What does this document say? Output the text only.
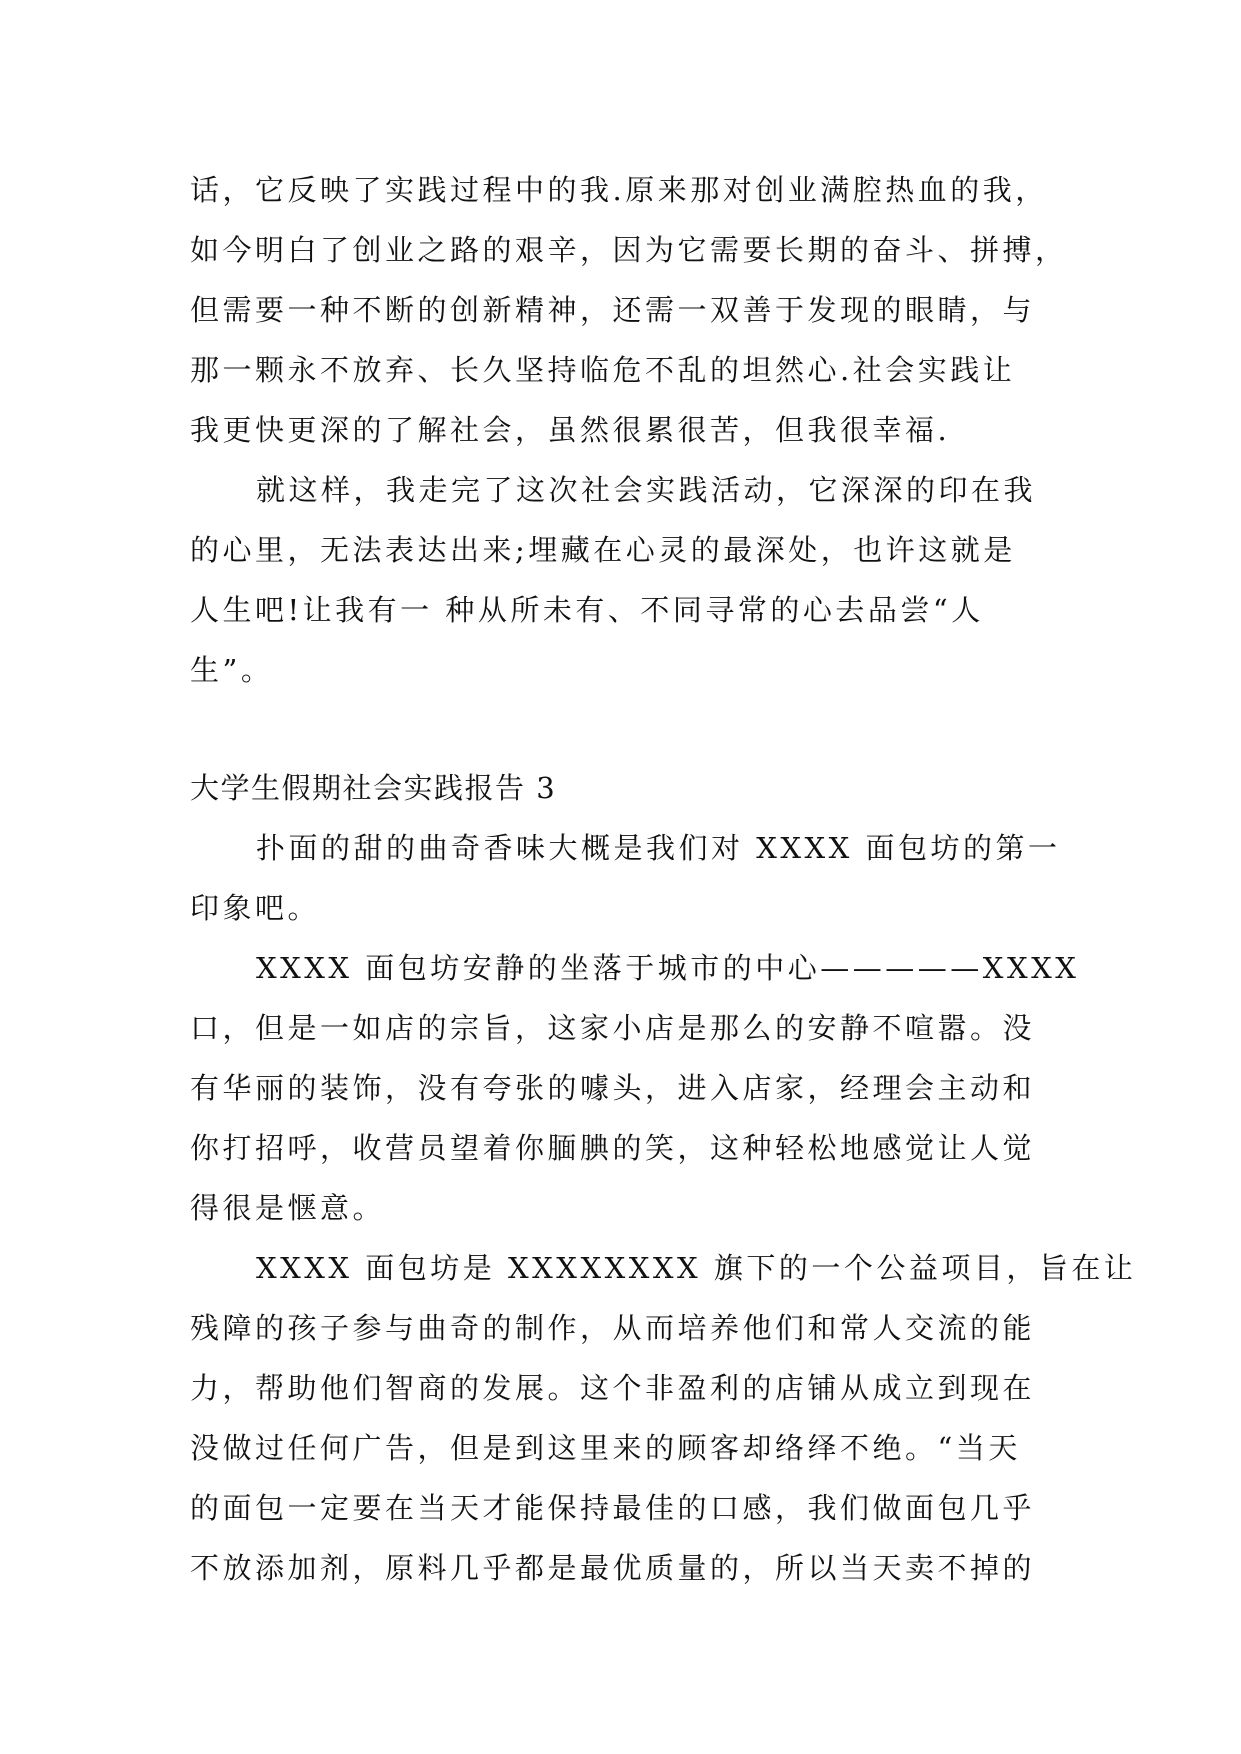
话，它反映了实践过程中的我.原来那对创业满腔热血的我，
如今明白了创业之路的艰辛，因为它需要长期的奋斗、拼搏，
但需要一种不断的创新精神，还需一双善于发现的眼睛，与
那一颗永不放弃、长久坚持临危不乱的坦然心.社会实践让
我更快更深的了解社会，虽然很累很苦，但我很幸福.
就这样，我走完了这次社会实践活动，它深深的印在我
的心里，无法表达出来;埋藏在心灵的最深处，也许这就是
人生吧!让我有一 种从所未有、不同寻常的心去品尝“人
生”。
大学生假期社会实践报告 3
扑面的甜的曲奇香味大概是我们对 XXXX 面包坊的第一
印象吧。
XXXX 面包坊安静的坐落于城市的中心—————XXXX
口，但是一如店的宗旨，这家小店是那么的安静不喧嚣。没
有华丽的装饰，没有夸张的噱头，进入店家，经理会主动和
你打招呼，收营员望着你腼腆的笑，这种轻松地感觉让人觉
得很是惬意。
XXXX 面包坊是 XXXXXXXX 旗下的一个公益项目，旨在让
残障的孩子参与曲奇的制作，从而培养他们和常人交流的能
力，帮助他们智商的发展。这个非盈利的店铺从成立到现在
没做过任何广告，但是到这里来的顾客却络绎不绝。“当天
的面包一定要在当天才能保持最佳的口感，我们做面包几乎
不放添加剂，原料几乎都是最优质量的，所以当天卖不掉的
